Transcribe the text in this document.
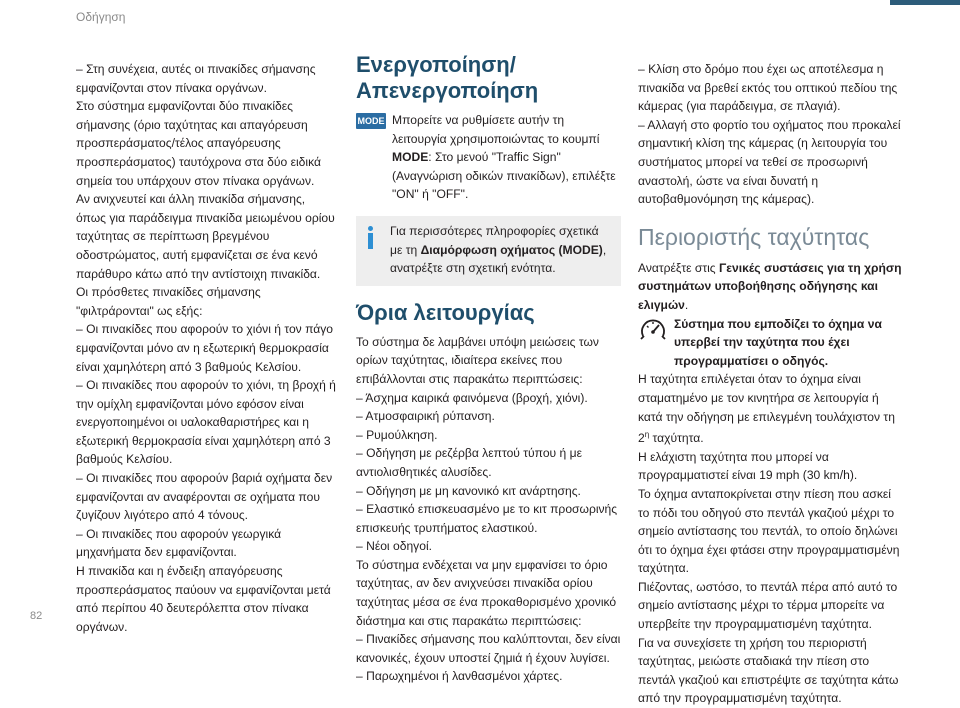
Οδήγηση

– Στη συνέχεια, αυτές οι πινακίδες σήμανσης εμφανίζονται στον πίνακα οργάνων.

Στο σύστημα εμφανίζονται δύο πινακίδες σήμανσης (όριο ταχύτητας και απαγόρευση προσπεράσματος/τέλος απαγόρευσης προσπεράσματος) ταυτόχρονα στα δύο ειδικά σημεία του υπάρχουν στον πίνακα οργάνων.

Αν ανιχνευτεί και άλλη πινακίδα σήμανσης, όπως για παράδειγμα πινακίδα μειωμένου ορίου ταχύτητας σε περίπτωση βρεγμένου οδοστρώματος, αυτή εμφανίζεται σε ένα κενό παράθυρο κάτω από την αντίστοιχη πινακίδα.

Οι πρόσθετες πινακίδες σήμανσης "φιλτράρονται" ως εξής:

– Οι πινακίδες που αφορούν το χιόνι ή τον πάγο εμφανίζονται μόνο αν η εξωτερική θερμοκρασία είναι χαμηλότερη από 3 βαθμούς Κελσίου.

– Οι πινακίδες που αφορούν το χιόνι, τη βροχή ή την ομίχλη εμφανίζονται μόνο εφόσον είναι ενεργοποιημένοι οι υαλοκαθαριστήρες και η εξωτερική θερμοκρασία είναι χαμηλότερη από 3 βαθμούς Κελσίου.

– Οι πινακίδες που αφορούν βαριά οχήματα δεν εμφανίζονται αν αναφέρονται σε οχήματα που ζυγίζουν λιγότερο από 4 τόνους.

– Οι πινακίδες που αφορούν γεωργικά μηχανήματα δεν εμφανίζονται.

Η πινακίδα και η ένδειξη απαγόρευσης προσπεράσματος παύουν να εμφανίζονται μετά από περίπου 40 δευτερόλεπτα στον πίνακα οργάνων.

Ενεργοποίηση/ Απενεργοποίηση
MODE Μπορείτε να ρυθμίσετε αυτήν τη λειτουργία χρησιμοποιώντας το κουμπί MODE: Στο μενού "Traffic Sign" (Αναγνώριση οδικών πινακίδων), επιλέξτε "ON" ή "OFF".

Για περισσότερες πληροφορίες σχετικά με τη Διαμόρφωση οχήματος (MODE), ανατρέξτε στη σχετική ενότητα.

Όρια λειτουργίας

Το σύστημα δε λαμβάνει υπόψη μειώσεις των ορίων ταχύτητας, ιδιαίτερα εκείνες που επιβάλλονται στις παρακάτω περιπτώσεις:

– Άσχημα καιρικά φαινόμενα (βροχή, χιόνι).

– Ατμοσφαιρική ρύπανση.

– Ρυμούλκηση.

– Οδήγηση με ρεζέρβα λεπτού τύπου ή με αντιολισθητικές αλυσίδες.

– Οδήγηση με μη κανονικό κιτ ανάρτησης.

– Ελαστικό επισκευασμένο με το κιτ προσωρινής επισκευής τρυπήματος ελαστικού.

– Νέοι οδηγοί.

Το σύστημα ενδέχεται να μην εμφανίσει το όριο ταχύτητας, αν δεν ανιχνεύσει πινακίδα ορίου ταχύτητας μέσα σε ένα προκαθορισμένο χρονικό διάστημα και στις παρακάτω περιπτώσεις:

– Πινακίδες σήμανσης που καλύπτονται, δεν είναι κανονικές, έχουν υποστεί ζημιά ή έχουν λυγίσει.

– Παρωχημένοι ή λανθασμένοι χάρτες.

– Κλίση στο δρόμο που έχει ως αποτέλεσμα η πινακίδα να βρεθεί εκτός του οπτικού πεδίου της κάμερας (για παράδειγμα, σε πλαγιά).

– Αλλαγή στο φορτίο του οχήματος που προκαλεί σημαντική κλίση της κάμερας (η λειτουργία του συστήματος μπορεί να τεθεί σε προσωρινή αναστολή, ώστε να είναι δυνατή η αυτοβαθμονόμηση της κάμερας).

Περιοριστής ταχύτητας

Ανατρέξτε στις Γενικές συστάσεις για τη χρήση συστημάτων υποβοήθησης οδήγησης και ελιγμών.

Σύστημα που εμποδίζει το όχημα να υπερβεί την ταχύτητα που έχει προγραμματίσει ο οδηγός.

Η ταχύτητα επιλέγεται όταν το όχημα είναι σταματημένο με τον κινητήρα σε λειτουργία ή κατά την οδήγηση με επιλεγμένη τουλάχιστον τη $2^\eta$ ταχύτητα.

Η ελάχιστη ταχύτητα που μπορεί να προγραμματιστεί είναι 19 mph (30 km/h).

Το όχημα ανταποκρίνεται στην πίεση που ασκεί το πόδι του οδηγού στο πεντάλ γκαζιού μέχρι το σημείο αντίστασης του πεντάλ, το οποίο δηλώνει ότι το όχημα έχει φτάσει στην προγραμματισμένη ταχύτητα.

Πιέζοντας, ωστόσο, το πεντάλ πέρα από αυτό το σημείο αντίστασης μέχρι το τέρμα μπορείτε να υπερβείτε την προγραμματισμένη ταχύτητα.

Για να συνεχίσετε τη χρήση του περιοριστή ταχύτητας, μειώστε σταδιακά την πίεση στο πεντάλ γκαζιού και επιστρέψτε σε ταχύτητα κάτω από την προγραμματισμένη ταχύτητα.

82
